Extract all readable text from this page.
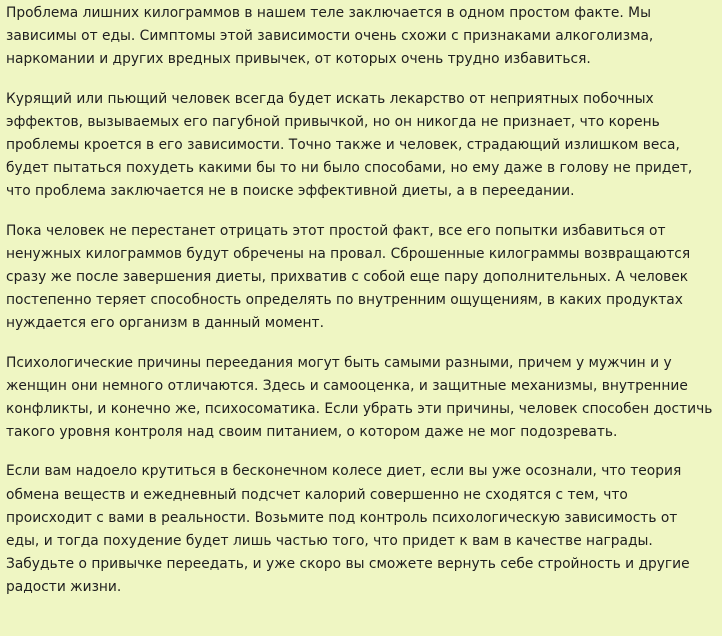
Проблема лишних килограммов в нашем теле заключается в одном простом факте. Мы зависимы от еды. Симптомы этой зависимости очень схожи с признаками алкоголизма, наркомании и других вредных привычек, от которых очень трудно избавиться.

Курящий или пьющий человек всегда будет искать лекарство от неприятных побочных эффектов, вызываемых его пагубной привычкой, но он никогда не признает, что корень проблемы кроется в его зависимости. Точно также и человек, страдающий излишком веса, будет пытаться похудеть какими бы то ни было способами, но ему даже в голову не придет, что проблема заключается не в поиске эффективной диеты, а в переедании.

Пока человек не перестанет отрицать этот простой факт, все его попытки избавиться от ненужных килограммов будут обречены на провал. Сброшенные килограммы возвращаются сразу же после завершения диеты, прихватив с собой еще пару дополнительных. А человек постепенно теряет способность определять по внутренним ощущениям, в каких продуктах нуждается его организм в данный момент.

Психологические причины переедания могут быть самыми разными, причем у мужчин и у женщин они немного отличаются. Здесь и самооценка, и защитные механизмы, внутренние конфликты, и конечно же, психосоматика. Если убрать эти причины, человек способен достичь такого уровня контроля над своим питанием, о котором даже не мог подозревать.

Если вам надоело крутиться в бесконечном колесе диет, если вы уже осознали, что теория обмена веществ и ежедневный подсчет калорий совершенно не сходятся с тем, что происходит с вами в реальности. Возьмите под контроль психологическую зависимость от еды, и тогда похудение будет лишь частью того, что придет к вам в качестве награды. Забудьте о привычке переедать, и уже скоро вы сможете вернуть себе стройность и другие радости жизни.
